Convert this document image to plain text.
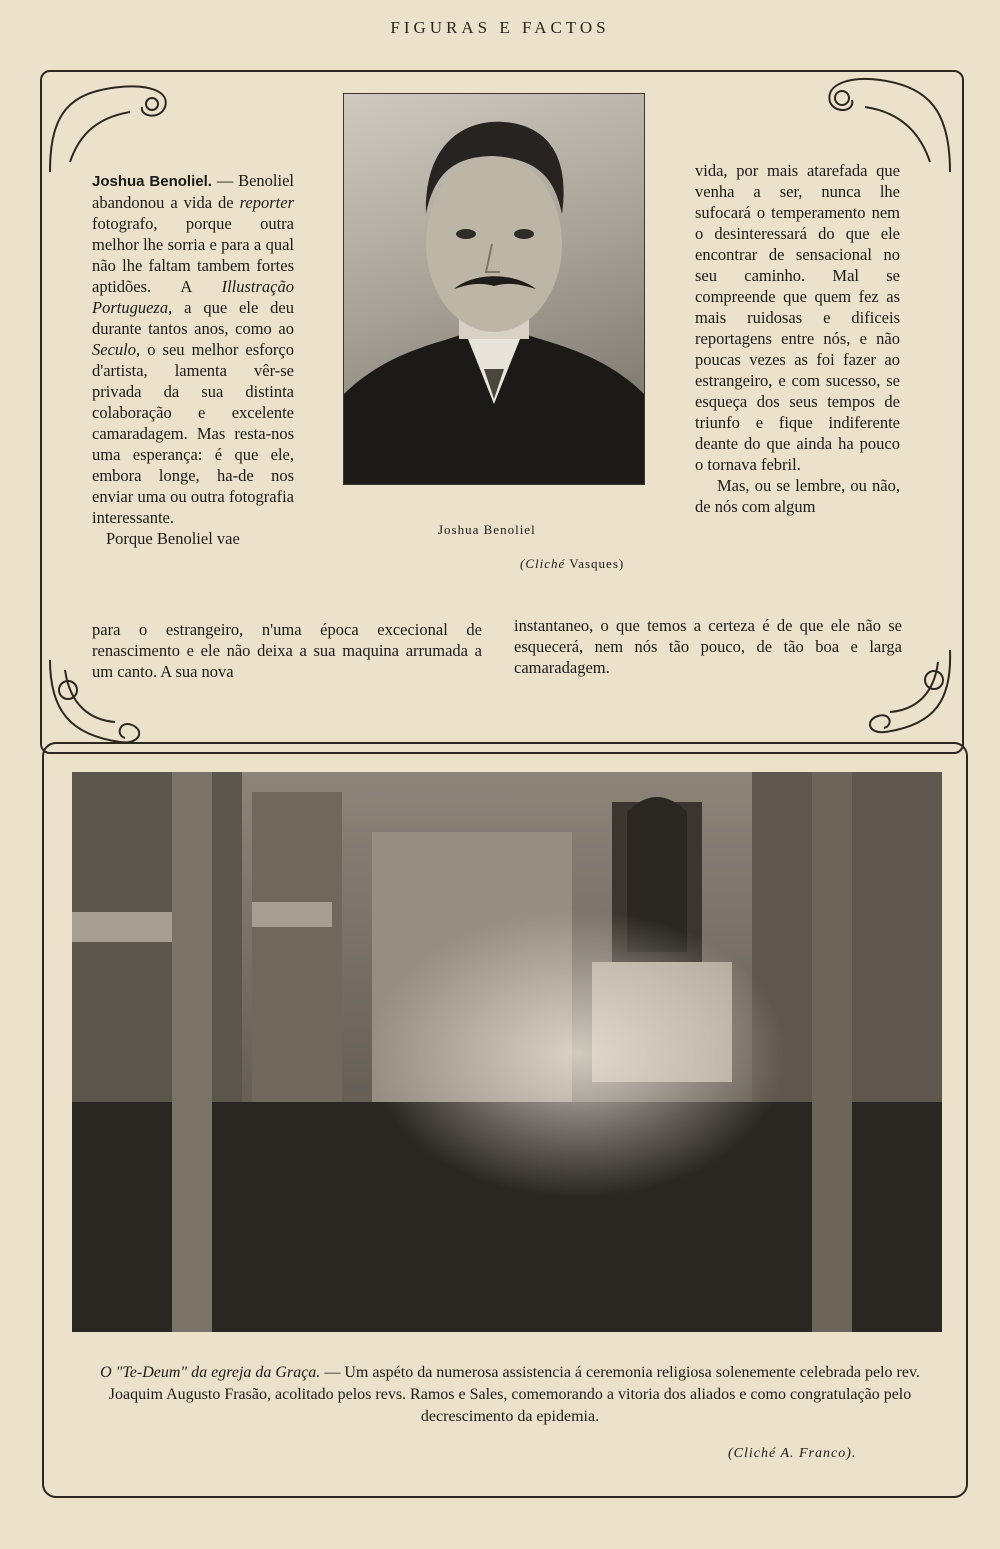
FIGURAS E FACTOS
Joshua Benoliel
(Cliché Vasques)

Joshua Benoliel. — Benoliel abandonou a vida de reporter fotografo, porque outra melhor lhe sorria e para a qual não lhe faltam tambem fortes aptidões. A Illustração Portugueza, a que ele deu durante tantos anos, como ao Seculo, o seu melhor esforço d'artista, lamenta vêr-se privada da sua distinta colaboração e excelente camaradagem. Mas resta-nos uma esperança: é que ele, embora longe, ha-de nos enviar uma ou outra fotografia interessante.

Porque Benoliel vae

para o estrangeiro, n'uma época excecional de renascimento e ele não deixa a sua maquina arrumada a um canto. A sua nova

vida, por mais atarefada que venha a ser, nunca lhe sufocará o temperamento nem o desinteressará do que ele encontrar de sensacional no seu caminho. Mal se compreende que quem fez as mais ruidosas e dificeis reportagens entre nós, e não poucas vezes as foi fazer ao estrangeiro, e com sucesso, se esqueça dos seus tempos de triunfo e fique indiferente deante do que ainda ha pouco o tornava febril.

Mas, ou se lembre, ou não, de nós com algum

instantaneo, o que temos a certeza é de que ele não se esquecerá, nem nós tão pouco, de tão boa e larga camaradagem.
O "Te-Deum" da egreja da Graça. — Um aspéto da numerosa assistencia á ceremonia religiosa solenemente celebrada pelo rev. Joaquim Augusto Frasão, acolitado pelos revs. Ramos e Sales, comemorando a vitoria dos aliados e como congratulação pelo decrescimento da epidemia.
(Cliché A. Franco).
